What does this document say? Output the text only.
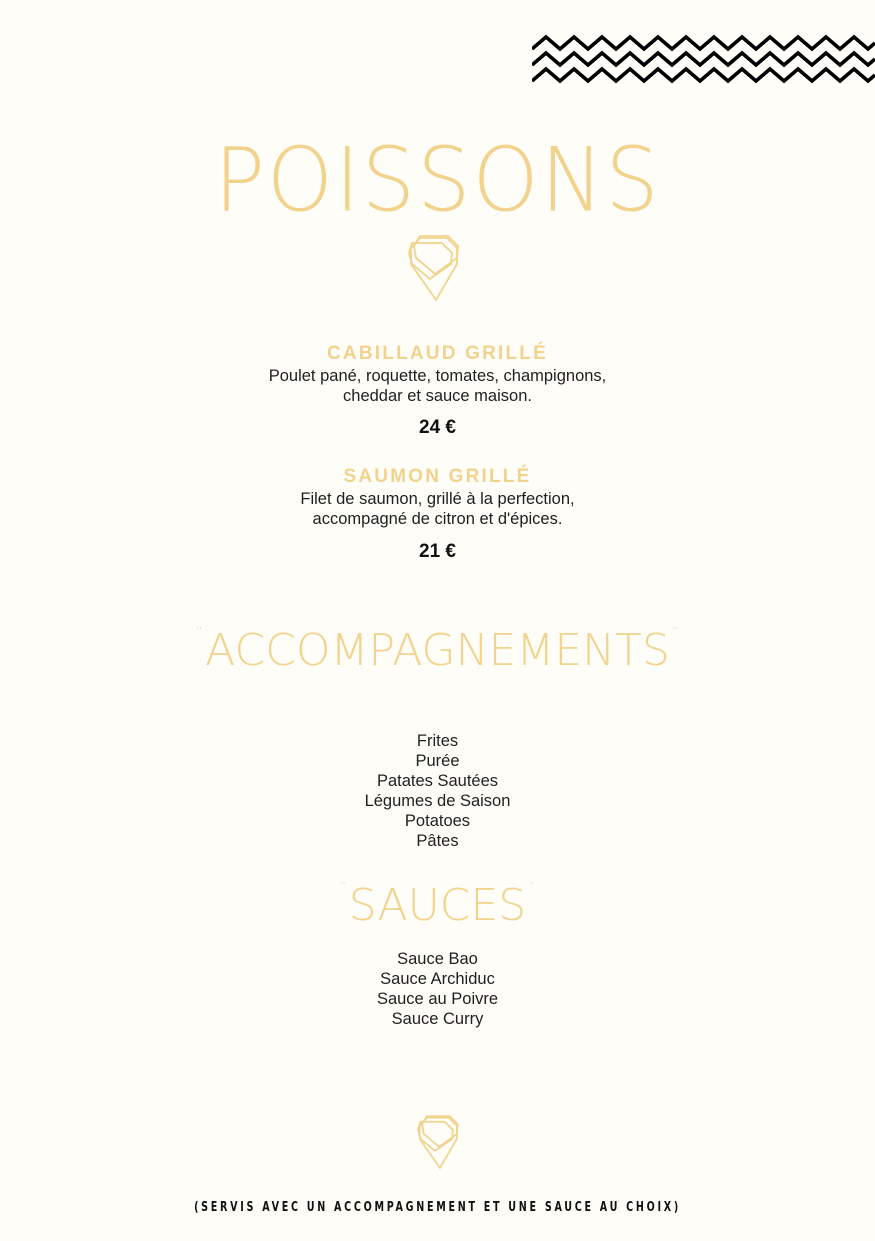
POISSONS
CABILLAUD GRILLÉ
Poulet pané, roquette, tomates, champignons,
cheddar et sauce maison.
24 €
SAUMON GRILLÉ
Filet de saumon, grillé à la perfection,
accompagné de citron et d'épices.
21 €
¨ACCOMPAGNEMENTS¨
Frites
Purée
Patates Sautées
Légumes de Saison
Potatoes
Pâtes
¨SAUCES¨
Sauce Bao
Sauce Archiduc
Sauce au Poivre
Sauce Curry
(SERVIS AVEC UN ACCOMPAGNEMENT ET UNE SAUCE AU CHOIX)
